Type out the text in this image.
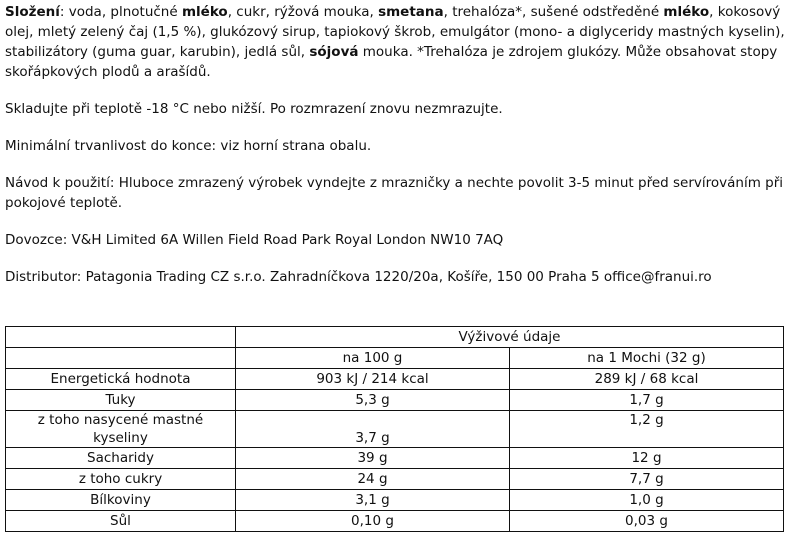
Složení: voda, plnotučné mléko, cukr, rýžová mouka, smetana, trehalóza*, sušené odstředěné mléko, kokosový olej, mletý zelený čaj (1,5 %), glukózový sirup, tapiokový škrob, emulgátor (mono- a diglyceridy mastných kyselin), stabilizátory (guma guar, karubin), jedlá sůl, sójová mouka. *Trehalóza je zdrojem glukózy. Může obsahovat stopy skořápkových plodů a arašídů.

Skladujte při teplotě -18 °C nebo nižší. Po rozmrazení znovu nezmrazujte.

Minimální trvanlivost do konce: viz horní strana obalu.

Návod k použití: Hluboce zmrazený výrobek vyndejte z mrazničky a nechte povolit 3-5 minut před servírováním při pokojové teplotě.

Dovozce: V&H Limited 6A Willen Field Road Park Royal London NW10 7AQ

Distributor: Patagonia Trading CZ s.r.o. Zahradníčkova 1220/20a, Košíře, 150 00 Praha 5 office@franui.ro

	Výživové údaje	
	na 100 g	na 1 Mochi (32 g)
Energetická hodnota	903 kJ / 214 kcal	289 kJ / 68 kcal
Tuky	5,3 g	1,7 g
z toho nasycené mastné kyseliny	3,7 g	1,2 g
Sacharidy	39 g	12 g
z toho cukry	24 g	7,7 g
Bílkoviny	3,1 g	1,0 g
Sůl	0,10 g	0,03 g
